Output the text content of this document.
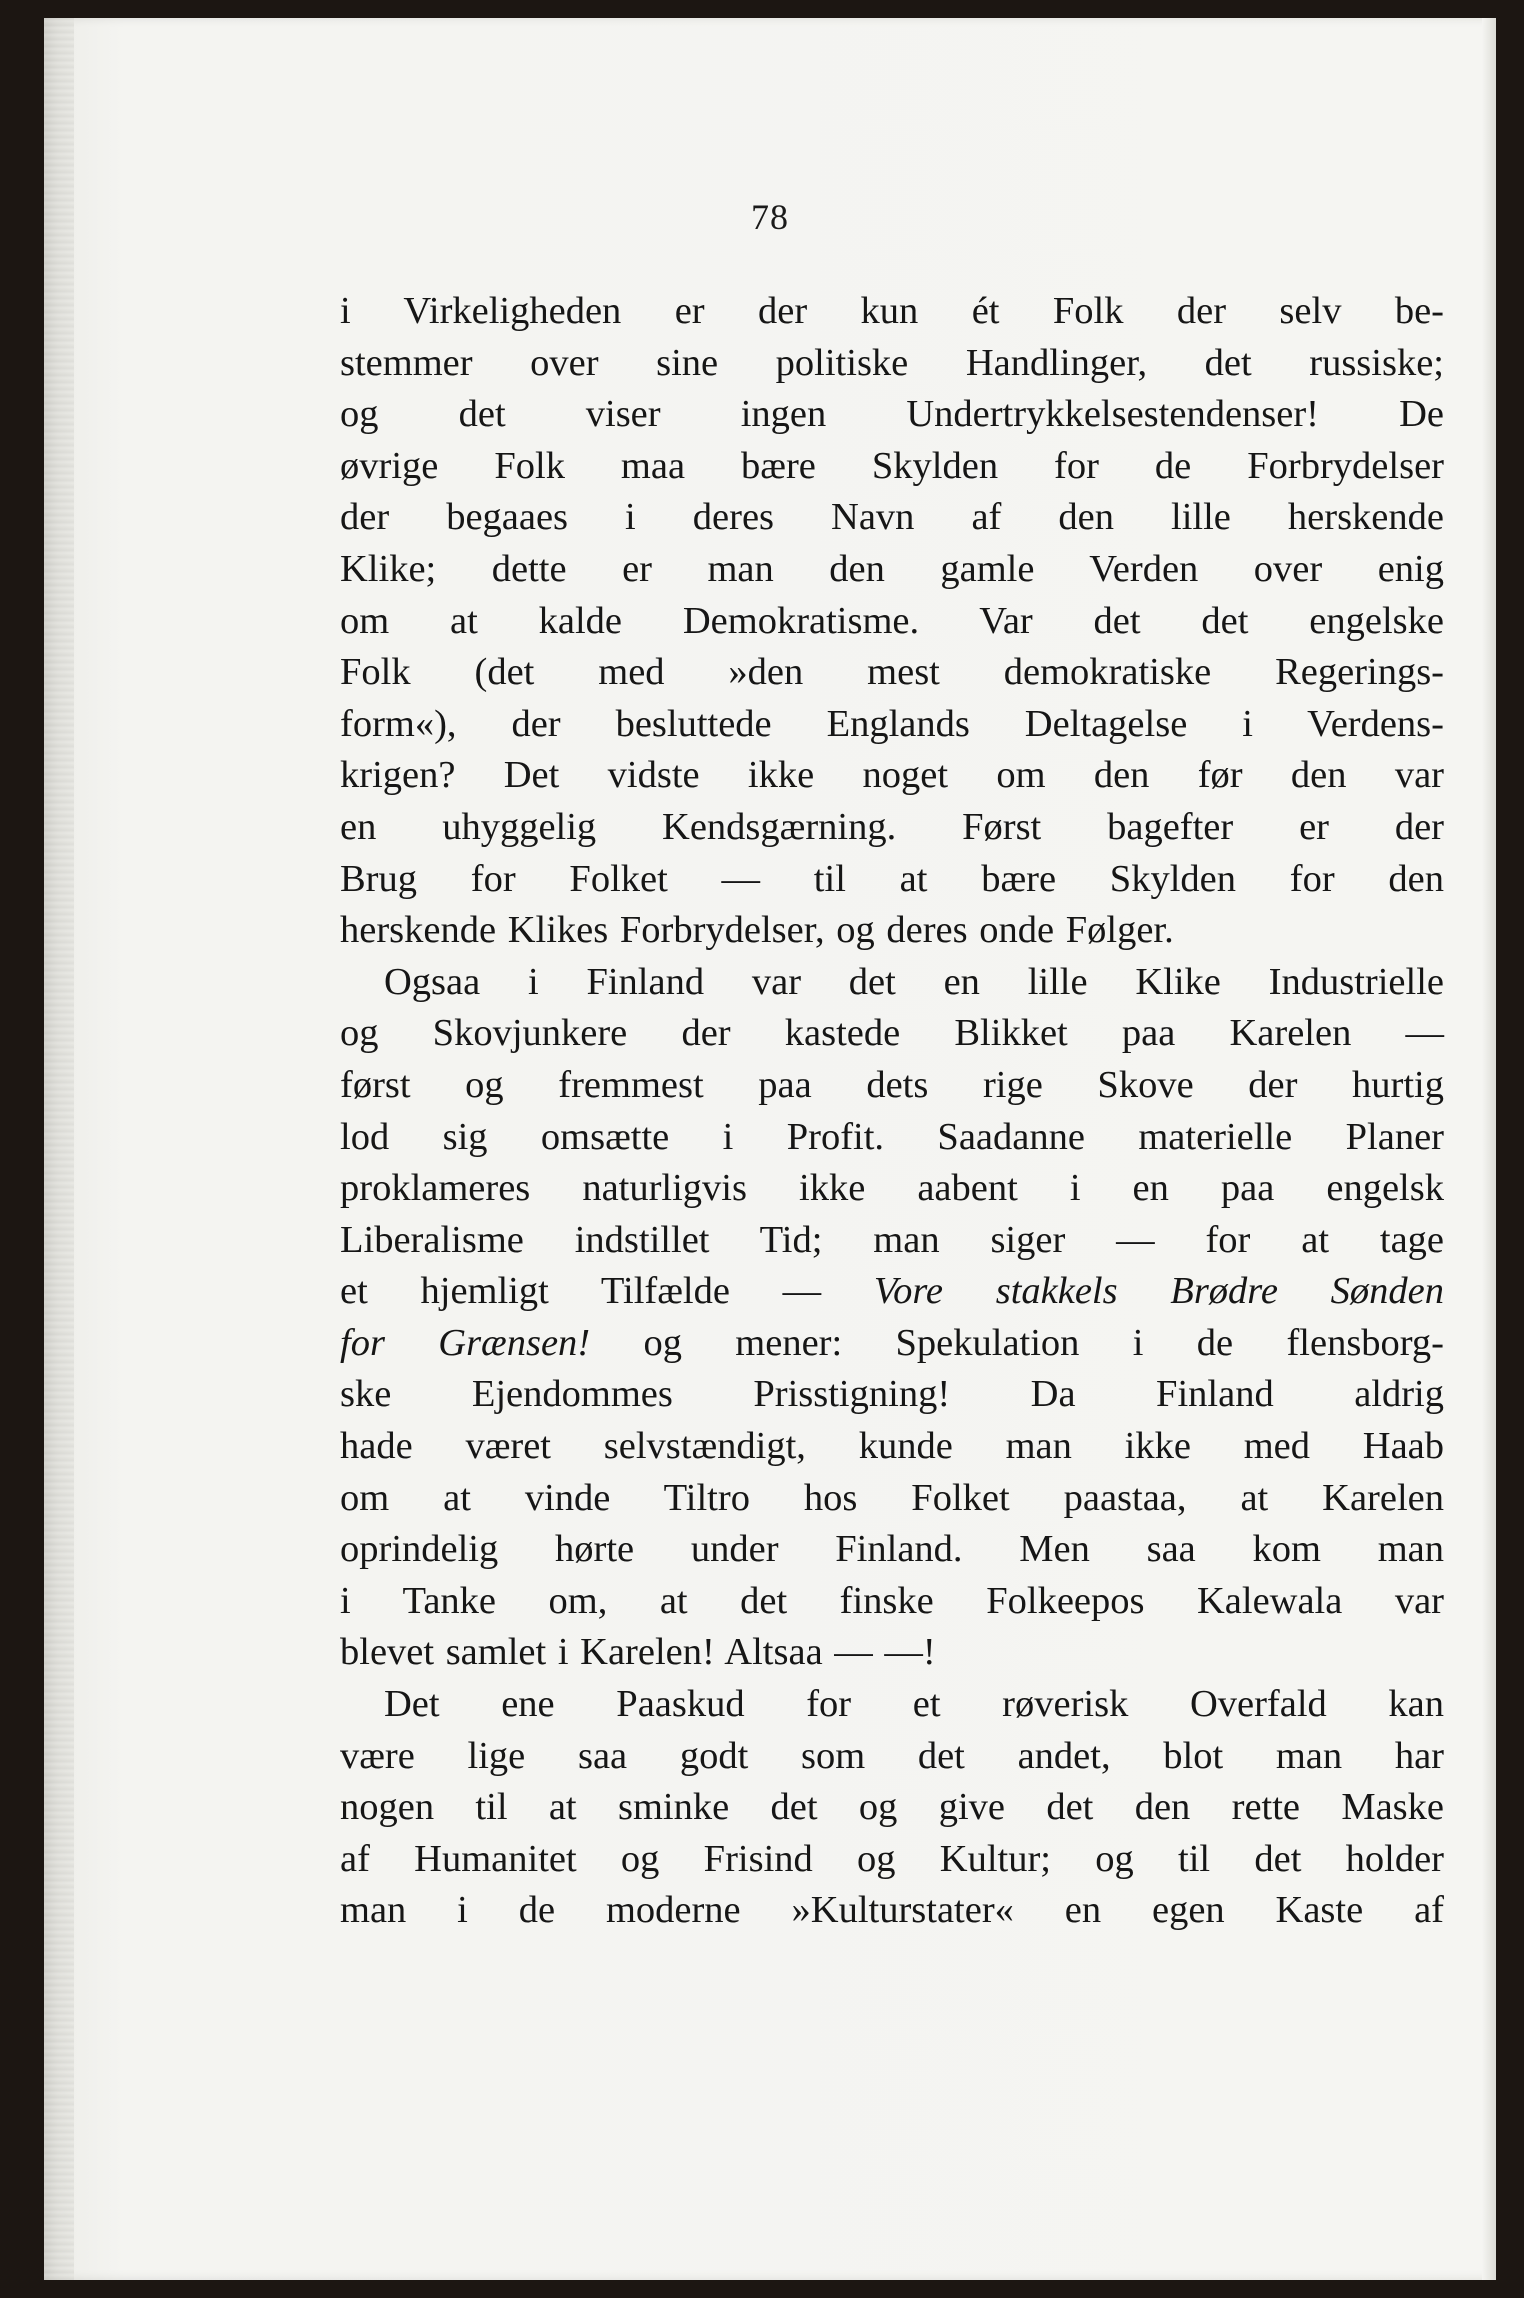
78
i Virkeligheden er der kun ét Folk der selv be-
stemmer over sine politiske Handlinger, det russiske;
og det viser ingen Undertrykkelsestendenser! De
øvrige Folk maa bære Skylden for de Forbrydelser
der begaaes i deres Navn af den lille herskende
Klike; dette er man den gamle Verden over enig
om at kalde Demokratisme. Var det det engelske
Folk (det med »den mest demokratiske Regerings-
form«), der besluttede Englands Deltagelse i Verdens-
krigen? Det vidste ikke noget om den før den var
en uhyggelig Kendsgærning. Først bagefter er der
Brug for Folket — til at bære Skylden for den
herskende Klikes Forbrydelser, og deres onde Følger.
Ogsaa i Finland var det en lille Klike Industrielle
og Skovjunkere der kastede Blikket paa Karelen —
først og fremmest paa dets rige Skove der hurtig
lod sig omsætte i Profit. Saadanne materielle Planer
proklameres naturligvis ikke aabent i en paa engelsk
Liberalisme indstillet Tid; man siger — for at tage
et hjemligt Tilfælde — Vore stakkels Brødre Sønden
for Grænsen! og mener: Spekulation i de flensborg-
ske Ejendommes Prisstigning! Da Finland aldrig
hade været selvstændigt, kunde man ikke med Haab
om at vinde Tiltro hos Folket paastaa, at Karelen
oprindelig hørte under Finland. Men saa kom man
i Tanke om, at det finske Folkeepos Kalewala var
blevet samlet i Karelen! Altsaa — —!
Det ene Paaskud for et røverisk Overfald kan
være lige saa godt som det andet, blot man har
nogen til at sminke det og give det den rette Maske
af Humanitet og Frisind og Kultur; og til det holder
man i de moderne »Kulturstater« en egen Kaste af
